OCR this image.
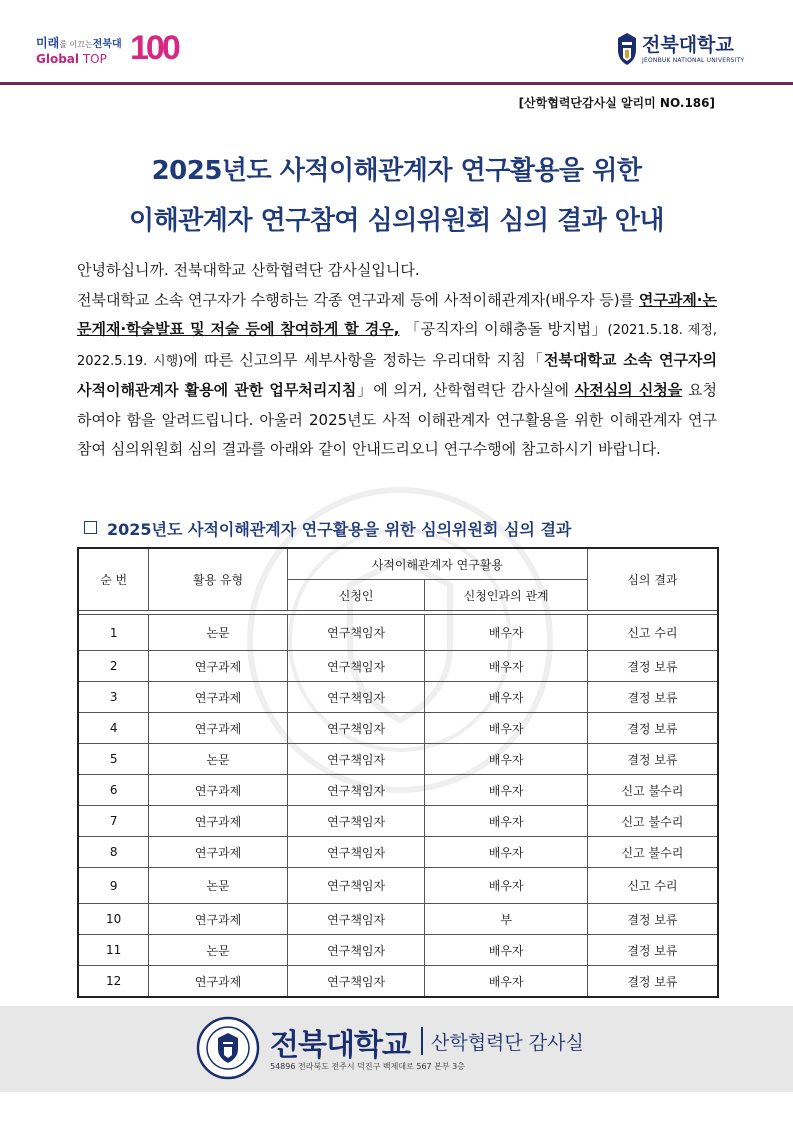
미래를 이끄는전북대
Global TOP 100	전북대학교
JEONBUK NATIONAL UNIVERSITY
[산학협력단감사실 알리미 NO.186]
2025년도 사적이해관계자 연구활용을 위한
이해관계자 연구참여 심의위원회 심의 결과 안내

안녕하십니까. 전북대학교 산학협력단 감사실입니다.

전북대학교 소속 연구자가 수행하는 각종 연구과제 등에 사적이해관계자(배우자 등)를 연구과제·논문게재·학술발표 및 저술 등에 참여하게 할 경우, 「공직자의 이해충돌 방지법」(2021.5.18. 제정, 2022.5.19. 시행)에 따른 신고의무 세부사항을 정하는 우리대학 지침「전북대학교 소속 연구자의 사적이해관계자 활용에 관한 업무처리지침」에 의거, 산학협력단 감사실에 사전심의 신청을 요청하여야 함을 알려드립니다. 아울러 2025년도 사적 이해관계자 연구활용을 위한 이해관계자 연구참여 심의위원회 심의 결과를 아래와 같이 안내드리오니 연구수행에 참고하시기 바랍니다.

2025년도 사적이해관계자 연구활용을 위한 심의위원회 심의 결과
순 번	활용 유형	사적이해관계자 연구활용		심의 결과
		신청인	신청인과의 관계	

1	논문	연구책임자	배우자	신고 수리
2	연구과제	연구책임자	배우자	결정 보류
3	연구과제	연구책임자	배우자	결정 보류
4	연구과제	연구책임자	배우자	결정 보류
5	논문	연구책임자	배우자	결정 보류
6	연구과제	연구책임자	배우자	신고 불수리
7	연구과제	연구책임자	배우자	신고 불수리
8	연구과제	연구책임자	배우자	신고 불수리
9	논문	연구책임자	배우자	신고 수리
10	연구과제	연구책임자	부	결정 보류
11	논문	연구책임자	배우자	결정 보류
12	연구과제	연구책임자	배우자	결정 보류
전북대학교 산학협력단 감사실
54896 전라북도 전주시 덕진구 백제대로 567 본부 3층
